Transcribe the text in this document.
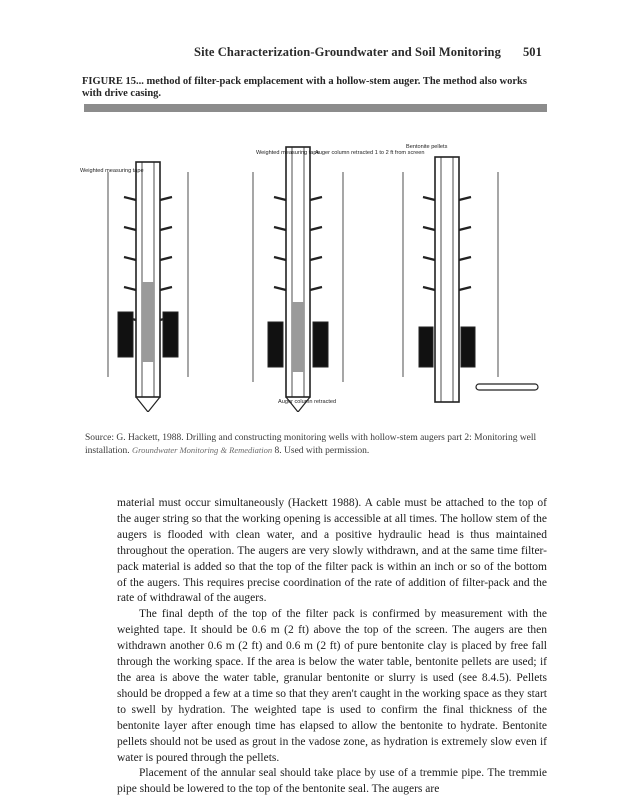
Site Characterization-Groundwater and Soil Monitoring 501
FIGURE 15... method of filter-pack emplacement with a hollow-stem auger. The method also works with drive casing.
Weighted measuring tape
Weighted measuring tape
Auger column retracted 1 to 2 ft from screen
Auger column retracted
Bentonite pellets
Source: G. Hackett, 1988. Drilling and constructing monitoring wells with hollow-stem augers part 2: Monitoring well installation. Groundwater Monitoring & Remediation 8. Used with permission.

material must occur simultaneously (Hackett 1988). A cable must be attached to the top of the auger string so that the working opening is accessible at all times. The hollow stem of the augers is flooded with clean water, and a positive hydraulic head is thus maintained throughout the operation. The augers are very slowly withdrawn, and at the same time filter-pack material is added so that the top of the filter pack is within an inch or so of the bottom of the augers. This requires precise coordination of the rate of addition of filter-pack and the rate of withdrawal of the augers.

The final depth of the top of the filter pack is confirmed by measurement with the weighted tape. It should be 0.6 m (2 ft) above the top of the screen. The augers are then withdrawn another 0.6 m (2 ft) and 0.6 m (2 ft) of pure bentonite clay is placed by free fall through the working space. If the area is below the water table, bentonite pellets are used; if the area is above the water table, granular bentonite or slurry is used (see 8.4.5). Pellets should be dropped a few at a time so that they aren't caught in the working space as they start to swell by hydration. The weighted tape is used to confirm the final thickness of the bentonite layer after enough time has elapsed to allow the bentonite to hydrate. Bentonite pellets should not be used as grout in the vadose zone, as hydration is extremely slow even if water is poured through the pellets.

Placement of the annular seal should take place by use of a tremmie pipe. The tremmie pipe should be lowered to the top of the bentonite seal. The augers are
